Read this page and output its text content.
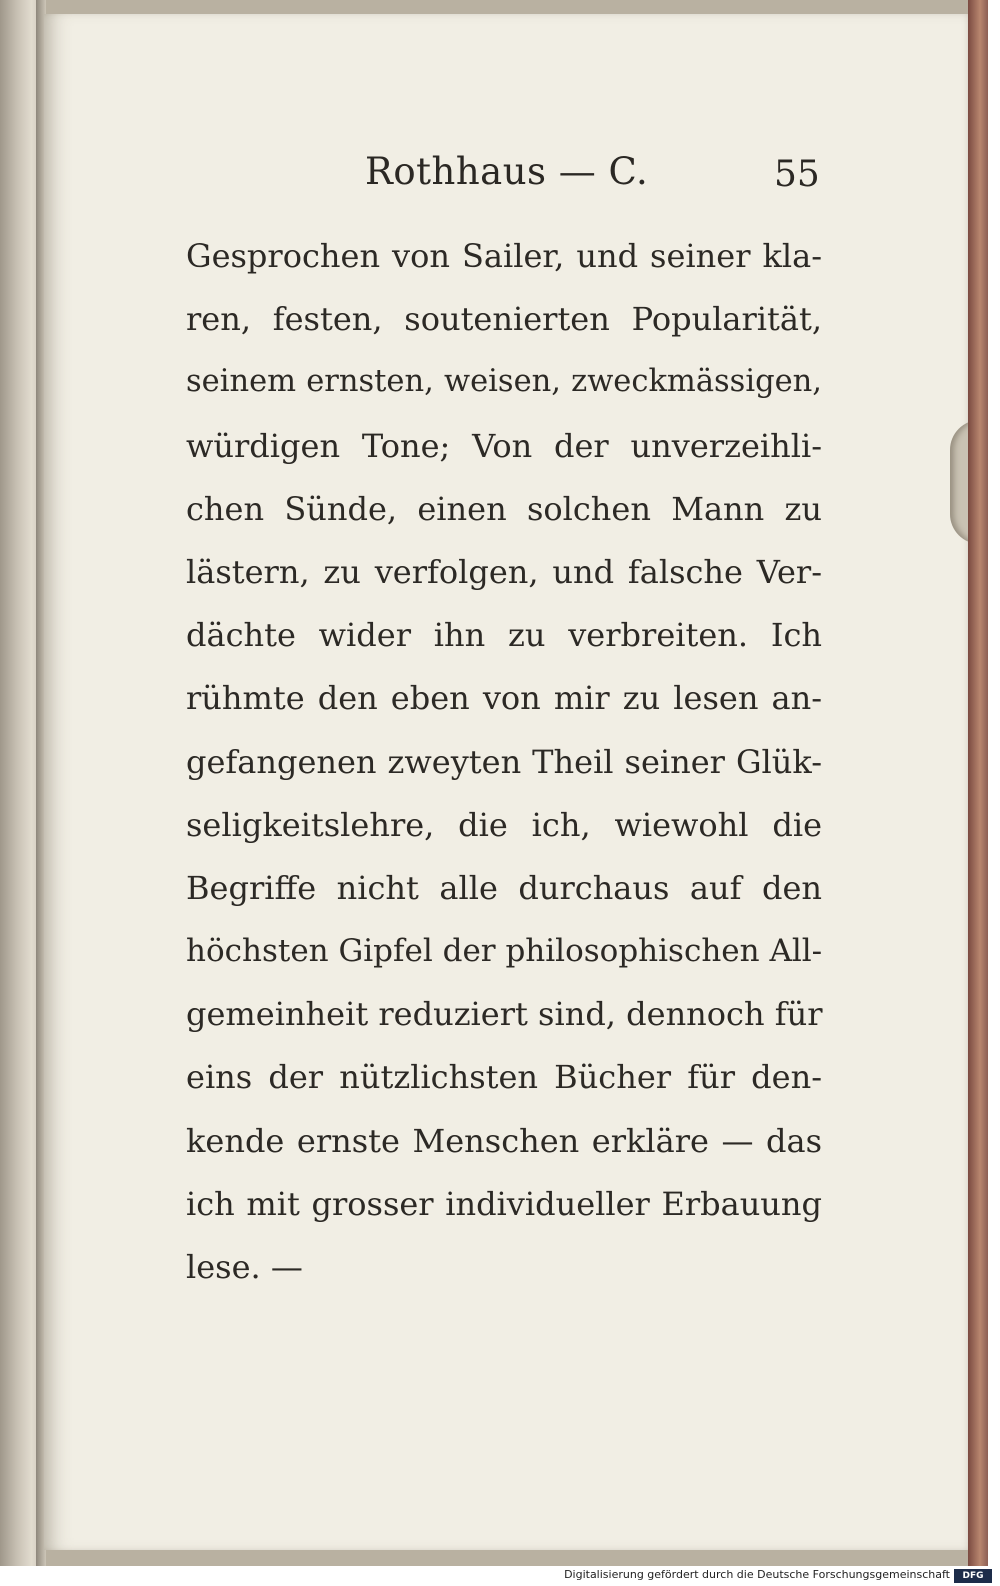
Rothhaus — C.	55
Gesprochen von Sailer, und seiner kla-
ren, festen, soutenierten Popularität,
seinem ernsten, weisen, zweckmässigen,
würdigen Tone; Von der unverzeihli-
chen Sünde, einen solchen Mann zu
lästern, zu verfolgen, und falsche Ver-
dächte wider ihn zu verbreiten. Ich
rühmte den eben von mir zu lesen an-
gefangenen zweyten Theil seiner Glük-
seligkeitslehre, die ich, wiewohl die
Begriffe nicht alle durchaus auf den
höchsten Gipfel der philosophischen All-
gemeinheit reduziert sind, dennoch für
eins der nützlichsten Bücher für den-
kende ernste Menschen erkläre — das
ich mit grosser individueller Erbauung
lese. —
Digitalisierung gefördert durch die Deutsche Forschungsgemeinschaft	DFG
